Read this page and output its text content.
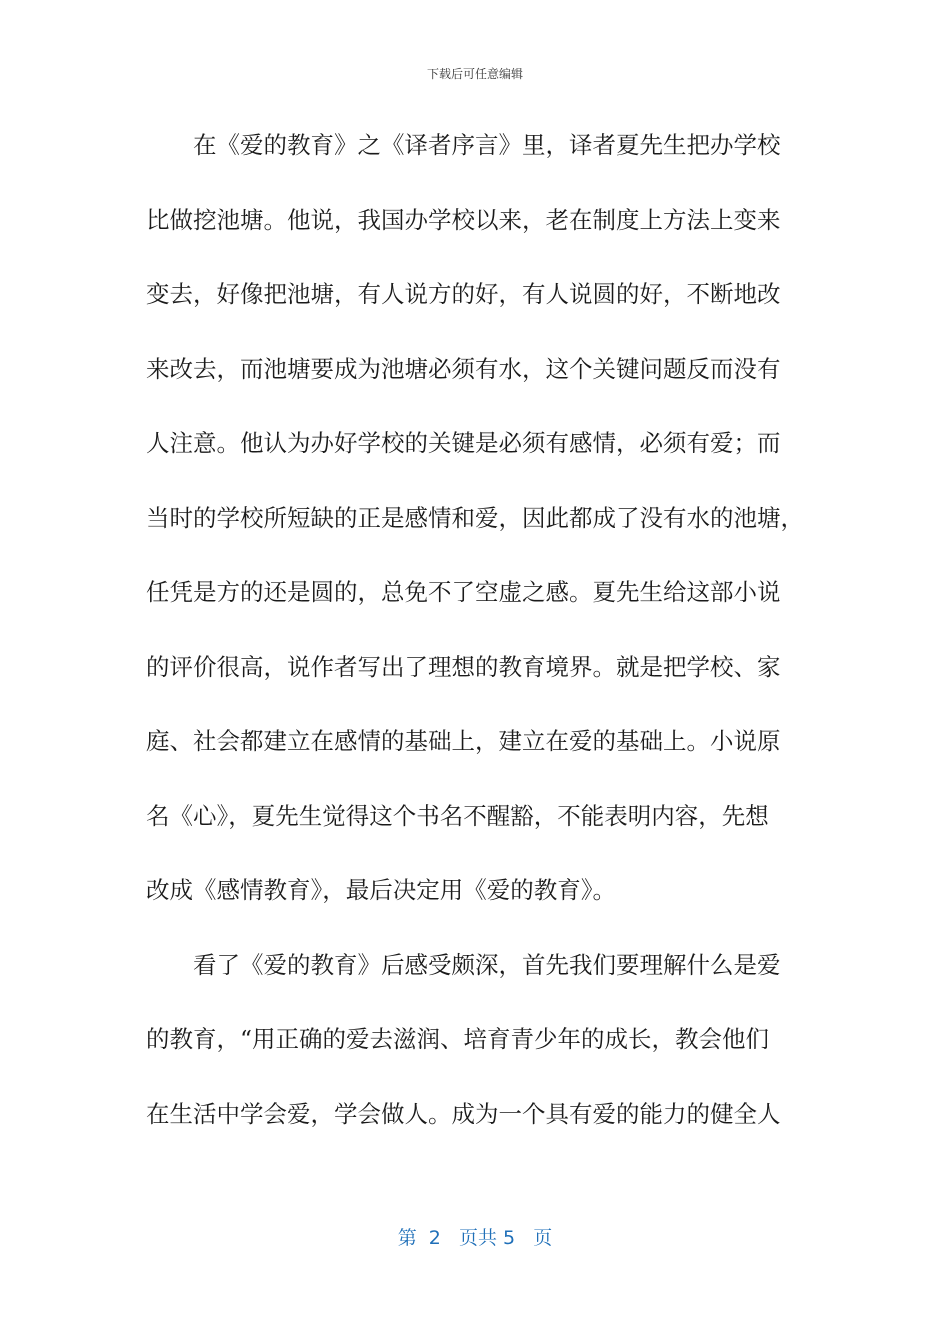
下载后可任意编辑
在《爱的教育》之《译者序言》里，译者夏先生把办学校
比做挖池塘。他说，我国办学校以来，老在制度上方法上变来
变去，好像把池塘，有人说方的好，有人说圆的好，不断地改
来改去，而池塘要成为池塘必须有水，这个关键问题反而没有
人注意。他认为办好学校的关键是必须有感情，必须有爱；而
当时的学校所短缺的正是感情和爱，因此都成了没有水的池塘，
任凭是方的还是圆的，总免不了空虚之感。夏先生给这部小说
的评价很高，说作者写出了理想的教育境界。就是把学校、家
庭、社会都建立在感情的基础上，建立在爱的基础上。小说原
名《心》，夏先生觉得这个书名不醒豁，不能表明内容，先想
改成《感情教育》，最后决定用《爱的教育》。
看了《爱的教育》后感受颇深，首先我们要理解什么是爱
的教育，“用正确的爱去滋润、培育青少年的成长，教会他们
在生活中学会爱，学会做人。成为一个具有爱的能力的健全人
第  2   页共 5   页
